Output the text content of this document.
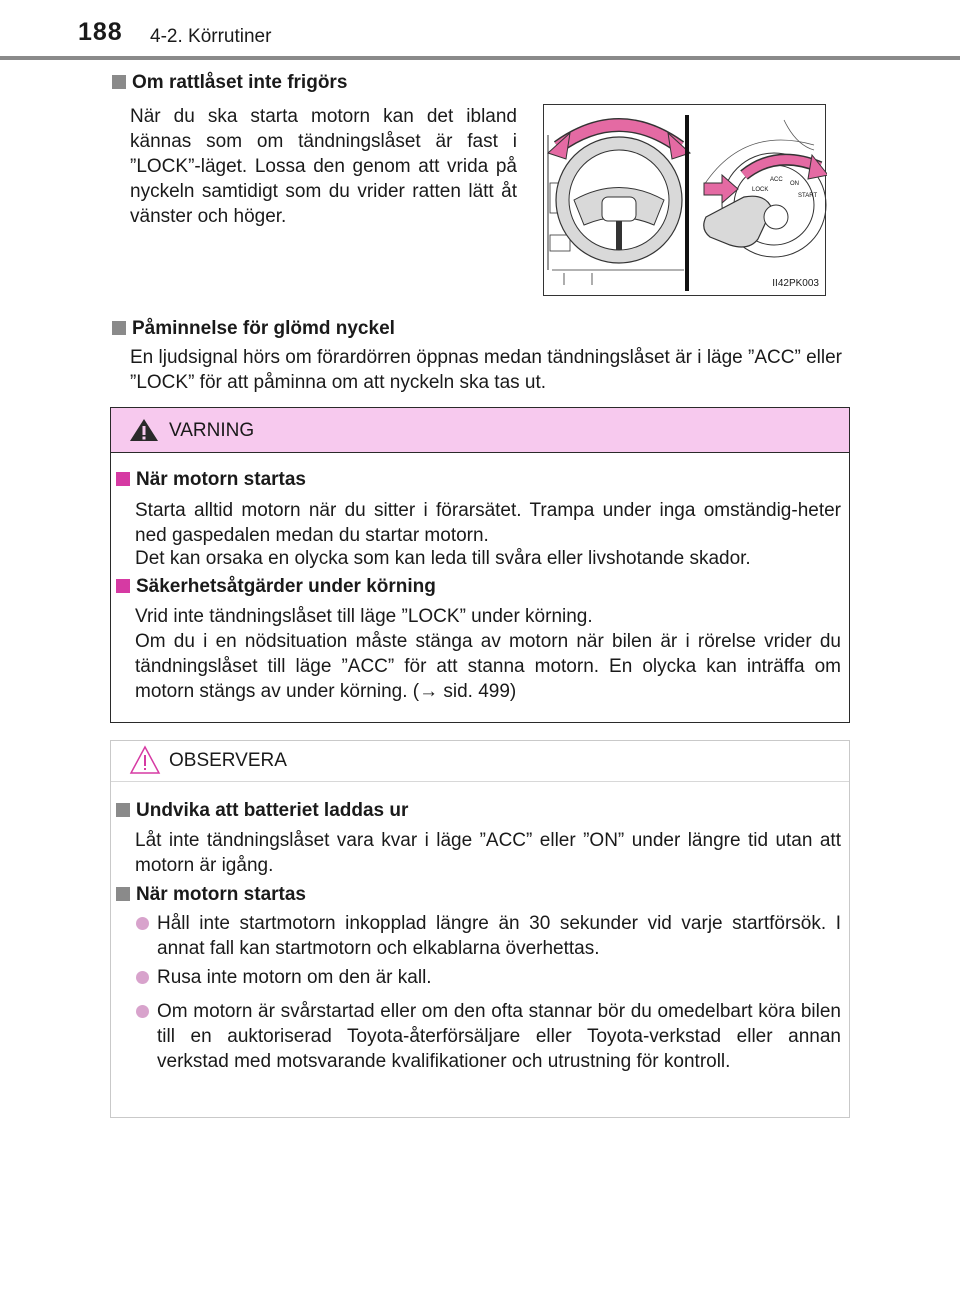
188 4-2. Körrutiner
Om rattlåset inte frigörs
När du ska starta motorn kan det ibland kännas som om tändningslåset är fast i ”LOCK”-läget. Lossa den genom att vrida på nyckeln samtidigt som du vrider ratten lätt åt vänster och höger.
LOCK
ACC
ON
START
II42PK003
Påminnelse för glömd nyckel
En ljudsignal hörs om förardörren öppnas medan tändningslåset är i läge ”ACC” eller ”LOCK” för att påminna om att nyckeln ska tas ut.
VARNING
När motorn startas
Starta alltid motorn när du sitter i förarsätet. Trampa under inga omständig-heter ned gaspedalen medan du startar motorn.
Det kan orsaka en olycka som kan leda till svåra eller livshotande skador.
Säkerhetsåtgärder under körning
Vrid inte tändningslåset till läge ”LOCK” under körning.
Om du i en nödsituation måste stänga av motorn när bilen är i rörelse vrider du tändningslåset till läge ”ACC” för att stanna motorn. En olycka kan inträffa om motorn stängs av under körning. (→ sid. 499)
OBSERVERA
Undvika att batteriet laddas ur
Låt inte tändningslåset vara kvar i läge ”ACC” eller ”ON” under längre tid utan att motorn är igång.
När motorn startas
Håll inte startmotorn inkopplad längre än 30 sekunder vid varje startförsök. I annat fall kan startmotorn och elkablarna överhettas.
Rusa inte motorn om den är kall.
Om motorn är svårstartad eller om den ofta stannar bör du omedelbart köra bilen till en auktoriserad Toyota-återförsäljare eller Toyota-verkstad eller annan verkstad med motsvarande kvalifikationer och utrustning för kontroll.
